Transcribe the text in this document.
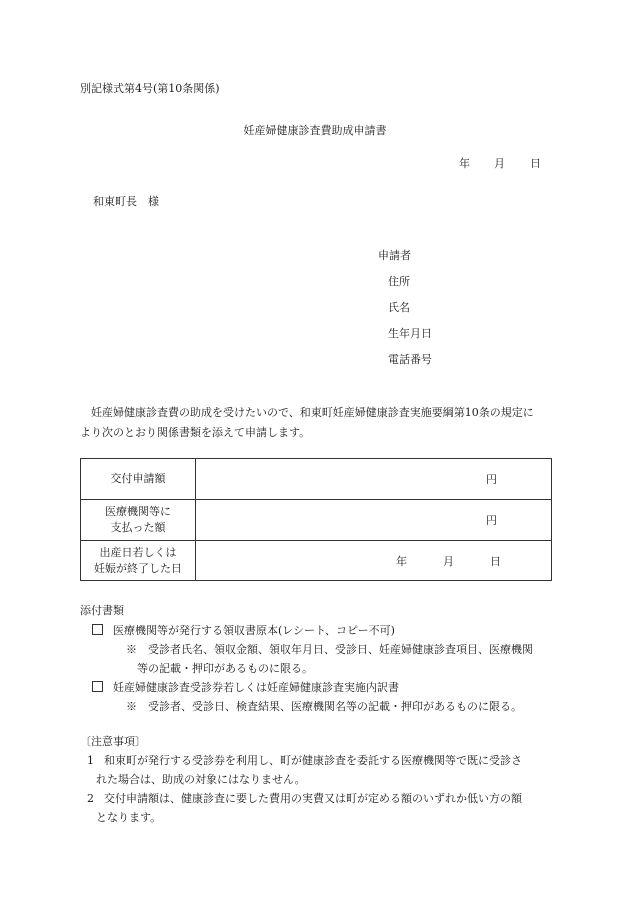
別記様式第4号(第10条関係)
妊産婦健康診査費助成申請書
年 月 日
和東町長　様
申請者
住所
氏名
生年月日
電話番号
妊産婦健康診査費の助成を受けたいので、和東町妊産婦健康診査実施要綱第10条の規定に
より次のとおり関係書類を添えて申請します。
交付申請額	円

医療機関等に
支払った額	円

出産日若しくは
妊娠が終了した日	年 月 日
添付書類
医療機関等が発行する領収書原本(レシート、コピー不可)
※　受診者氏名、領収金額、領収年月日、受診日、妊産婦健康診査項目、医療機関
等の記載・押印があるものに限る。
妊産婦健康診査受診券若しくは妊産婦健康診査実施内訳書
※　受診者、受診日、検査結果、医療機関名等の記載・押印があるものに限る。
〔注意事項〕
1 和束町が発行する受診券を利用し、町が健康診査を委託する医療機関等で既に受診さ
れた場合は、助成の対象にはなりません。
2 交付申請額は、健康診査に要した費用の実費又は町が定める額のいずれか低い方の額
となります。
